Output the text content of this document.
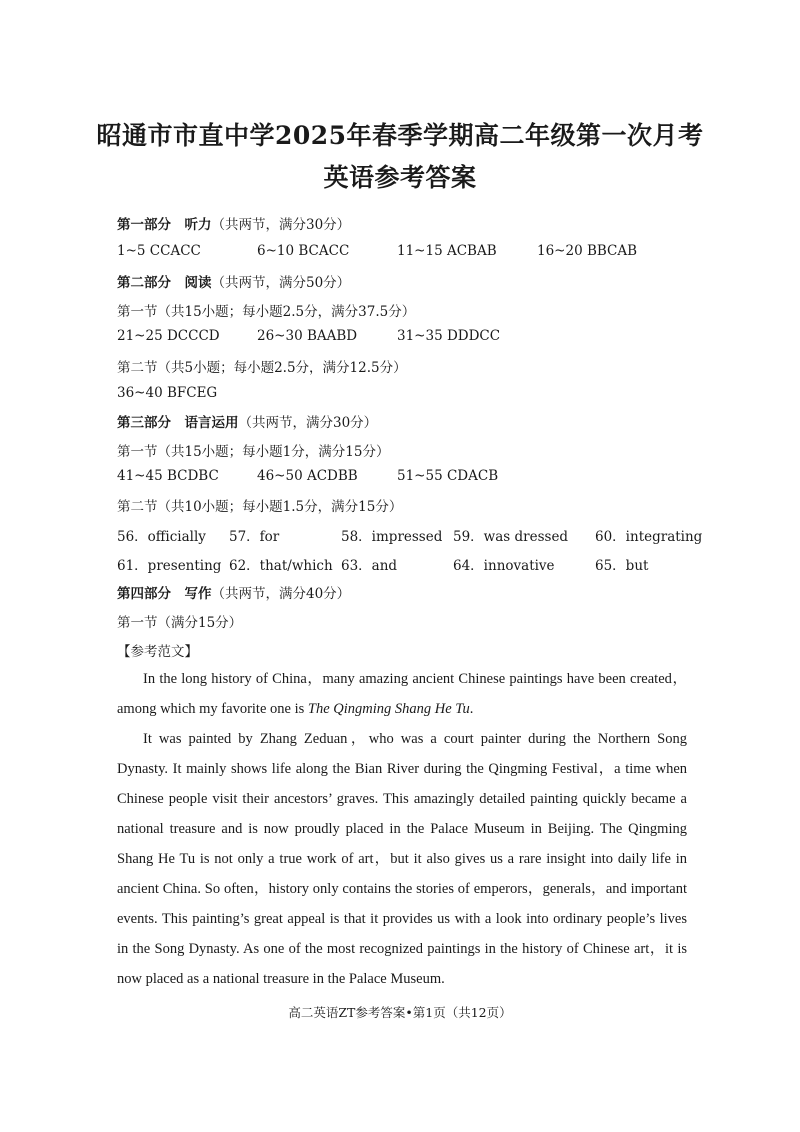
昭通市市直中学2025年春季学期高二年级第一次月考
英语参考答案
第一部分　听力（共两节，满分30分）
1~5 CCACC	6~10 BCACC	11~15 ACBAB	16~20 BBCAB
第二部分　阅读（共两节，满分50分）
第一节（共15小题；每小题2.5分，满分37.5分）
21~25 DCCCD	26~30 BAABD	31~35 DDDCC
第二节（共5小题；每小题2.5分，满分12.5分）
36~40 BFCEG
第三部分　语言运用（共两节，满分30分）
第一节（共15小题；每小题1分，满分15分）
41~45 BCDBC	46~50 ACDBB	51~55 CDACB
第二节（共10小题；每小题1.5分，满分15分）
56．officially 57．for	58．impressed 59．was dressed 60．integrating
61．presenting 62．that/which 63．and	64．innovative	65．but
第四部分　写作（共两节，满分40分）
第一节（满分15分）
【参考范文】
In the long history of China，many amazing ancient Chinese paintings have been created，among which my favorite one is The Qingming Shang He Tu.
It was painted by Zhang Zeduan，who was a court painter during the Northern Song Dynasty. It mainly shows life along the Bian River during the Qingming Festival，a time when Chinese people visit their ancestors’ graves. This amazingly detailed painting quickly became a national treasure and is now proudly placed in the Palace Museum in Beijing. The Qingming Shang He Tu is not only a true work of art，but it also gives us a rare insight into daily life in ancient China. So often，history only contains the stories of emperors，generals，and important events. This painting’s great appeal is that it provides us with a look into ordinary people’s lives in the Song Dynasty. As one of the most recognized paintings in the history of Chinese art，it is now placed as a national treasure in the Palace Museum.
高二英语ZT参考答案•第1页（共12页）
